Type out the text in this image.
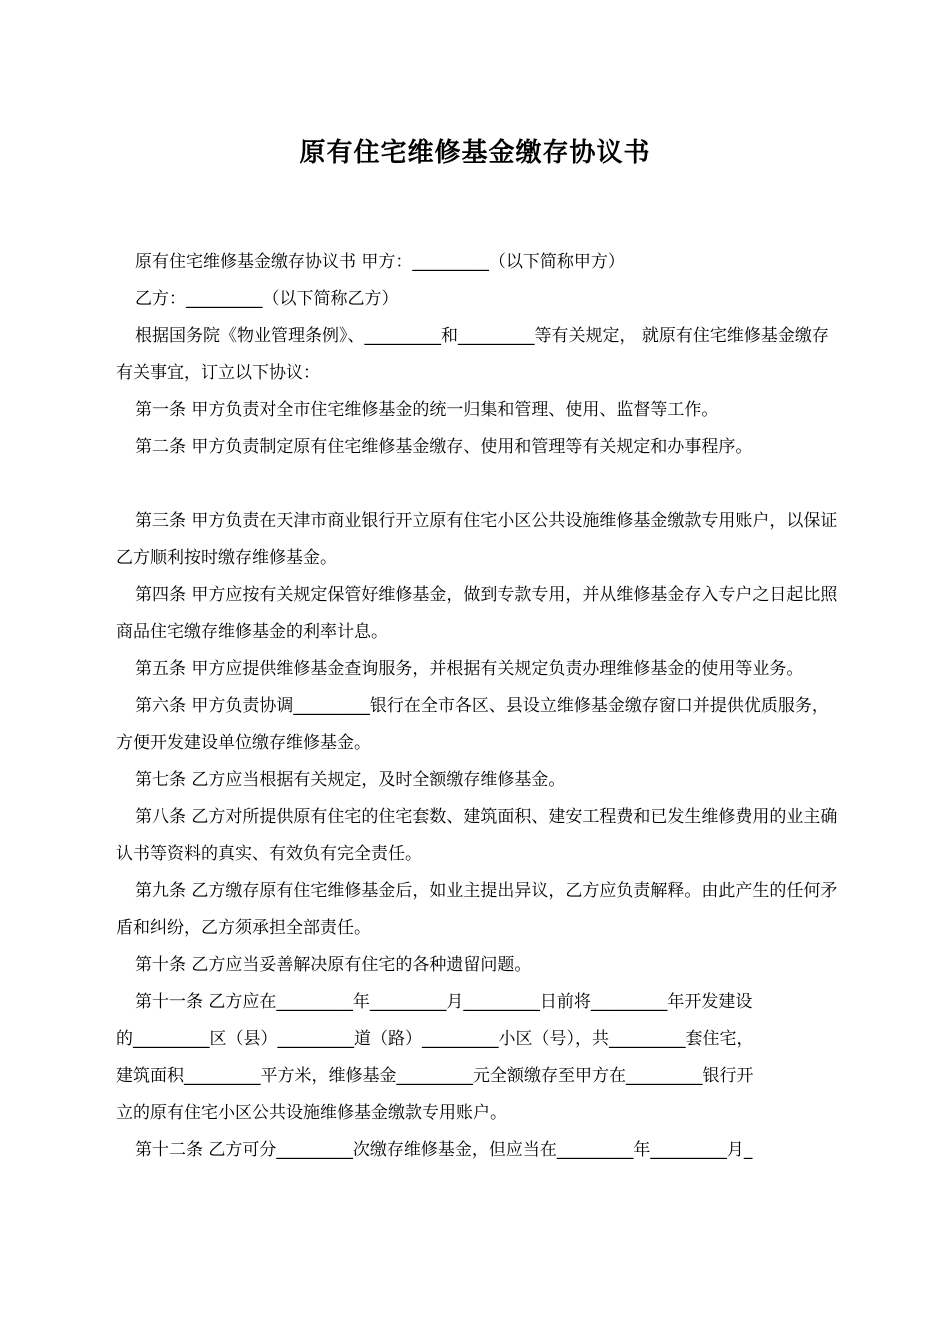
原有住宅维修基金缴存协议书

原有住宅维修基金缴存协议书 甲方：_________（以下简称甲方）

乙方：_________（以下简称乙方）

根据国务院《物业管理条例》、_________和_________等有关规定， 就原有住宅维修基金缴存有关事宜，订立以下协议：

第一条 甲方负责对全市住宅维修基金的统一归集和管理、使用、监督等工作。

第二条 甲方负责制定原有住宅维修基金缴存、使用和管理等有关规定和办事程序。

第三条 甲方负责在天津市商业银行开立原有住宅小区公共设施维修基金缴款专用账户，以保证乙方顺利按时缴存维修基金。

第四条 甲方应按有关规定保管好维修基金，做到专款专用，并从维修基金存入专户之日起比照商品住宅缴存维修基金的利率计息。

第五条 甲方应提供维修基金查询服务，并根据有关规定负责办理维修基金的使用等业务。

第六条 甲方负责协调_________银行在全市各区、县设立维修基金缴存窗口并提供优质服务，方便开发建设单位缴存维修基金。

第七条 乙方应当根据有关规定，及时全额缴存维修基金。

第八条 乙方对所提供原有住宅的住宅套数、建筑面积、建安工程费和已发生维修费用的业主确认书等资料的真实、有效负有完全责任。

第九条 乙方缴存原有住宅维修基金后，如业主提出异议，乙方应负责解释。由此产生的任何矛盾和纠纷，乙方须承担全部责任。

第十条 乙方应当妥善解决原有住宅的各种遗留问题。

第十一条 乙方应在_________年_________月_________日前将_________年开发建设
的_________区（县）_________道（路）_________小区（号），共_________套住宅，
建筑面积_________平方米，维修基金_________元全额缴存至甲方在_________银行开
立的原有住宅小区公共设施维修基金缴款专用账户。
第十二条 乙方可分_________次缴存维修基金，但应当在_________年_________月_
